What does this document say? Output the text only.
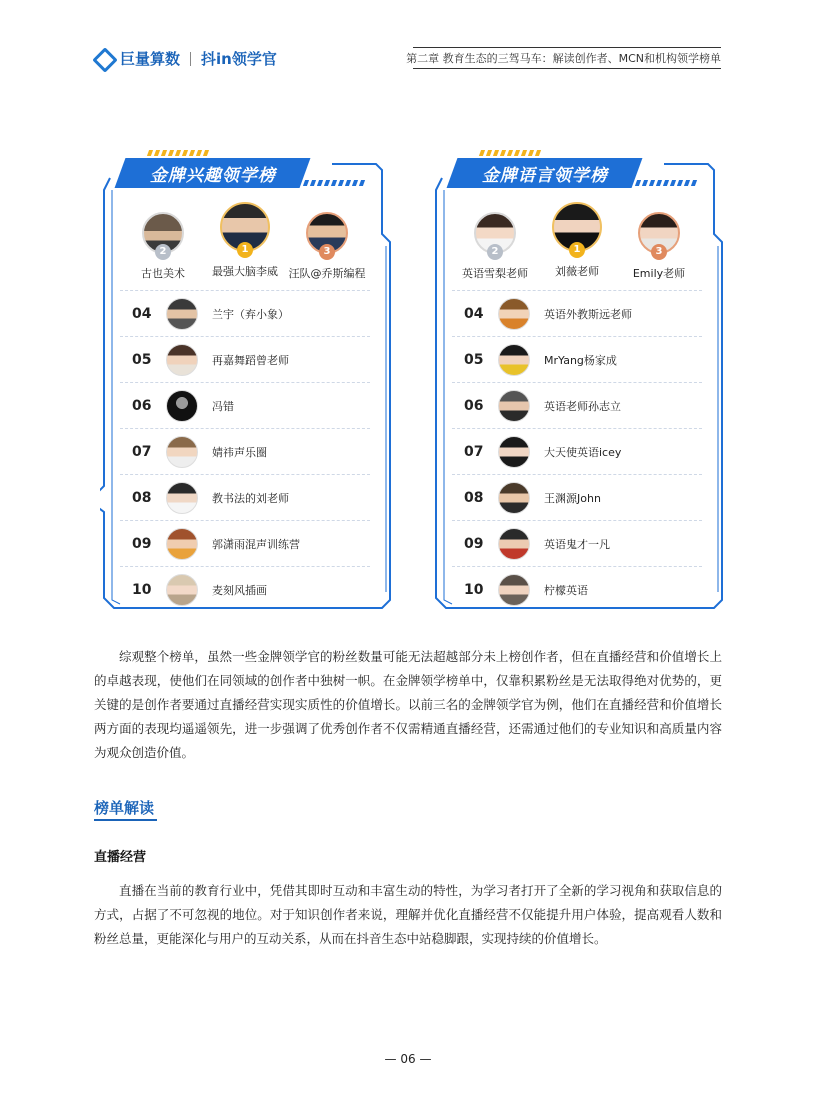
巨量算数 抖in领学官	第二章 教育生态的三驾马车：解读创作者、MCN和机构领学榜单
金牌兴趣领学榜
2
古也美术
1
最强大脑李威
3
汪队@乔斯编程
04	兰宇（弃小象）
05	再嘉舞蹈曾老师
06	冯错
07	婧祎声乐圈
08	教书法的刘老师
09	郭潇雨混声训练营
10	麦刻风插画
金牌语言领学榜
2
英语雪梨老师
1
刘薇老师
3
Emily老师
04	英语外教斯远老师
05	MrYang杨家成
06	英语老师孙志立
07	大天使英语icey
08	王渊源John
09	英语鬼才一凡
10	柠檬英语

综观整个榜单，虽然一些金牌领学官的粉丝数量可能无法超越部分未上榜创作者，但在直播经营和价值增长上的卓越表现，使他们在同领域的创作者中独树一帜。在金牌领学榜单中，仅靠积累粉丝是无法取得绝对优势的，更关键的是创作者要通过直播经营实现实质性的价值增长。以前三名的金牌领学官为例，他们在直播经营和价值增长两方面的表现均遥遥领先，进一步强调了优秀创作者不仅需精通直播经营，还需通过他们的专业知识和高质量内容为观众创造价值。

榜单解读
直播经营

直播在当前的教育行业中，凭借其即时互动和丰富生动的特性，为学习者打开了全新的学习视角和获取信息的方式，占据了不可忽视的地位。对于知识创作者来说，理解并优化直播经营不仅能提升用户体验，提高观看人数和粉丝总量，更能深化与用户的互动关系，从而在抖音生态中站稳脚跟，实现持续的价值增长。

— 06 —
